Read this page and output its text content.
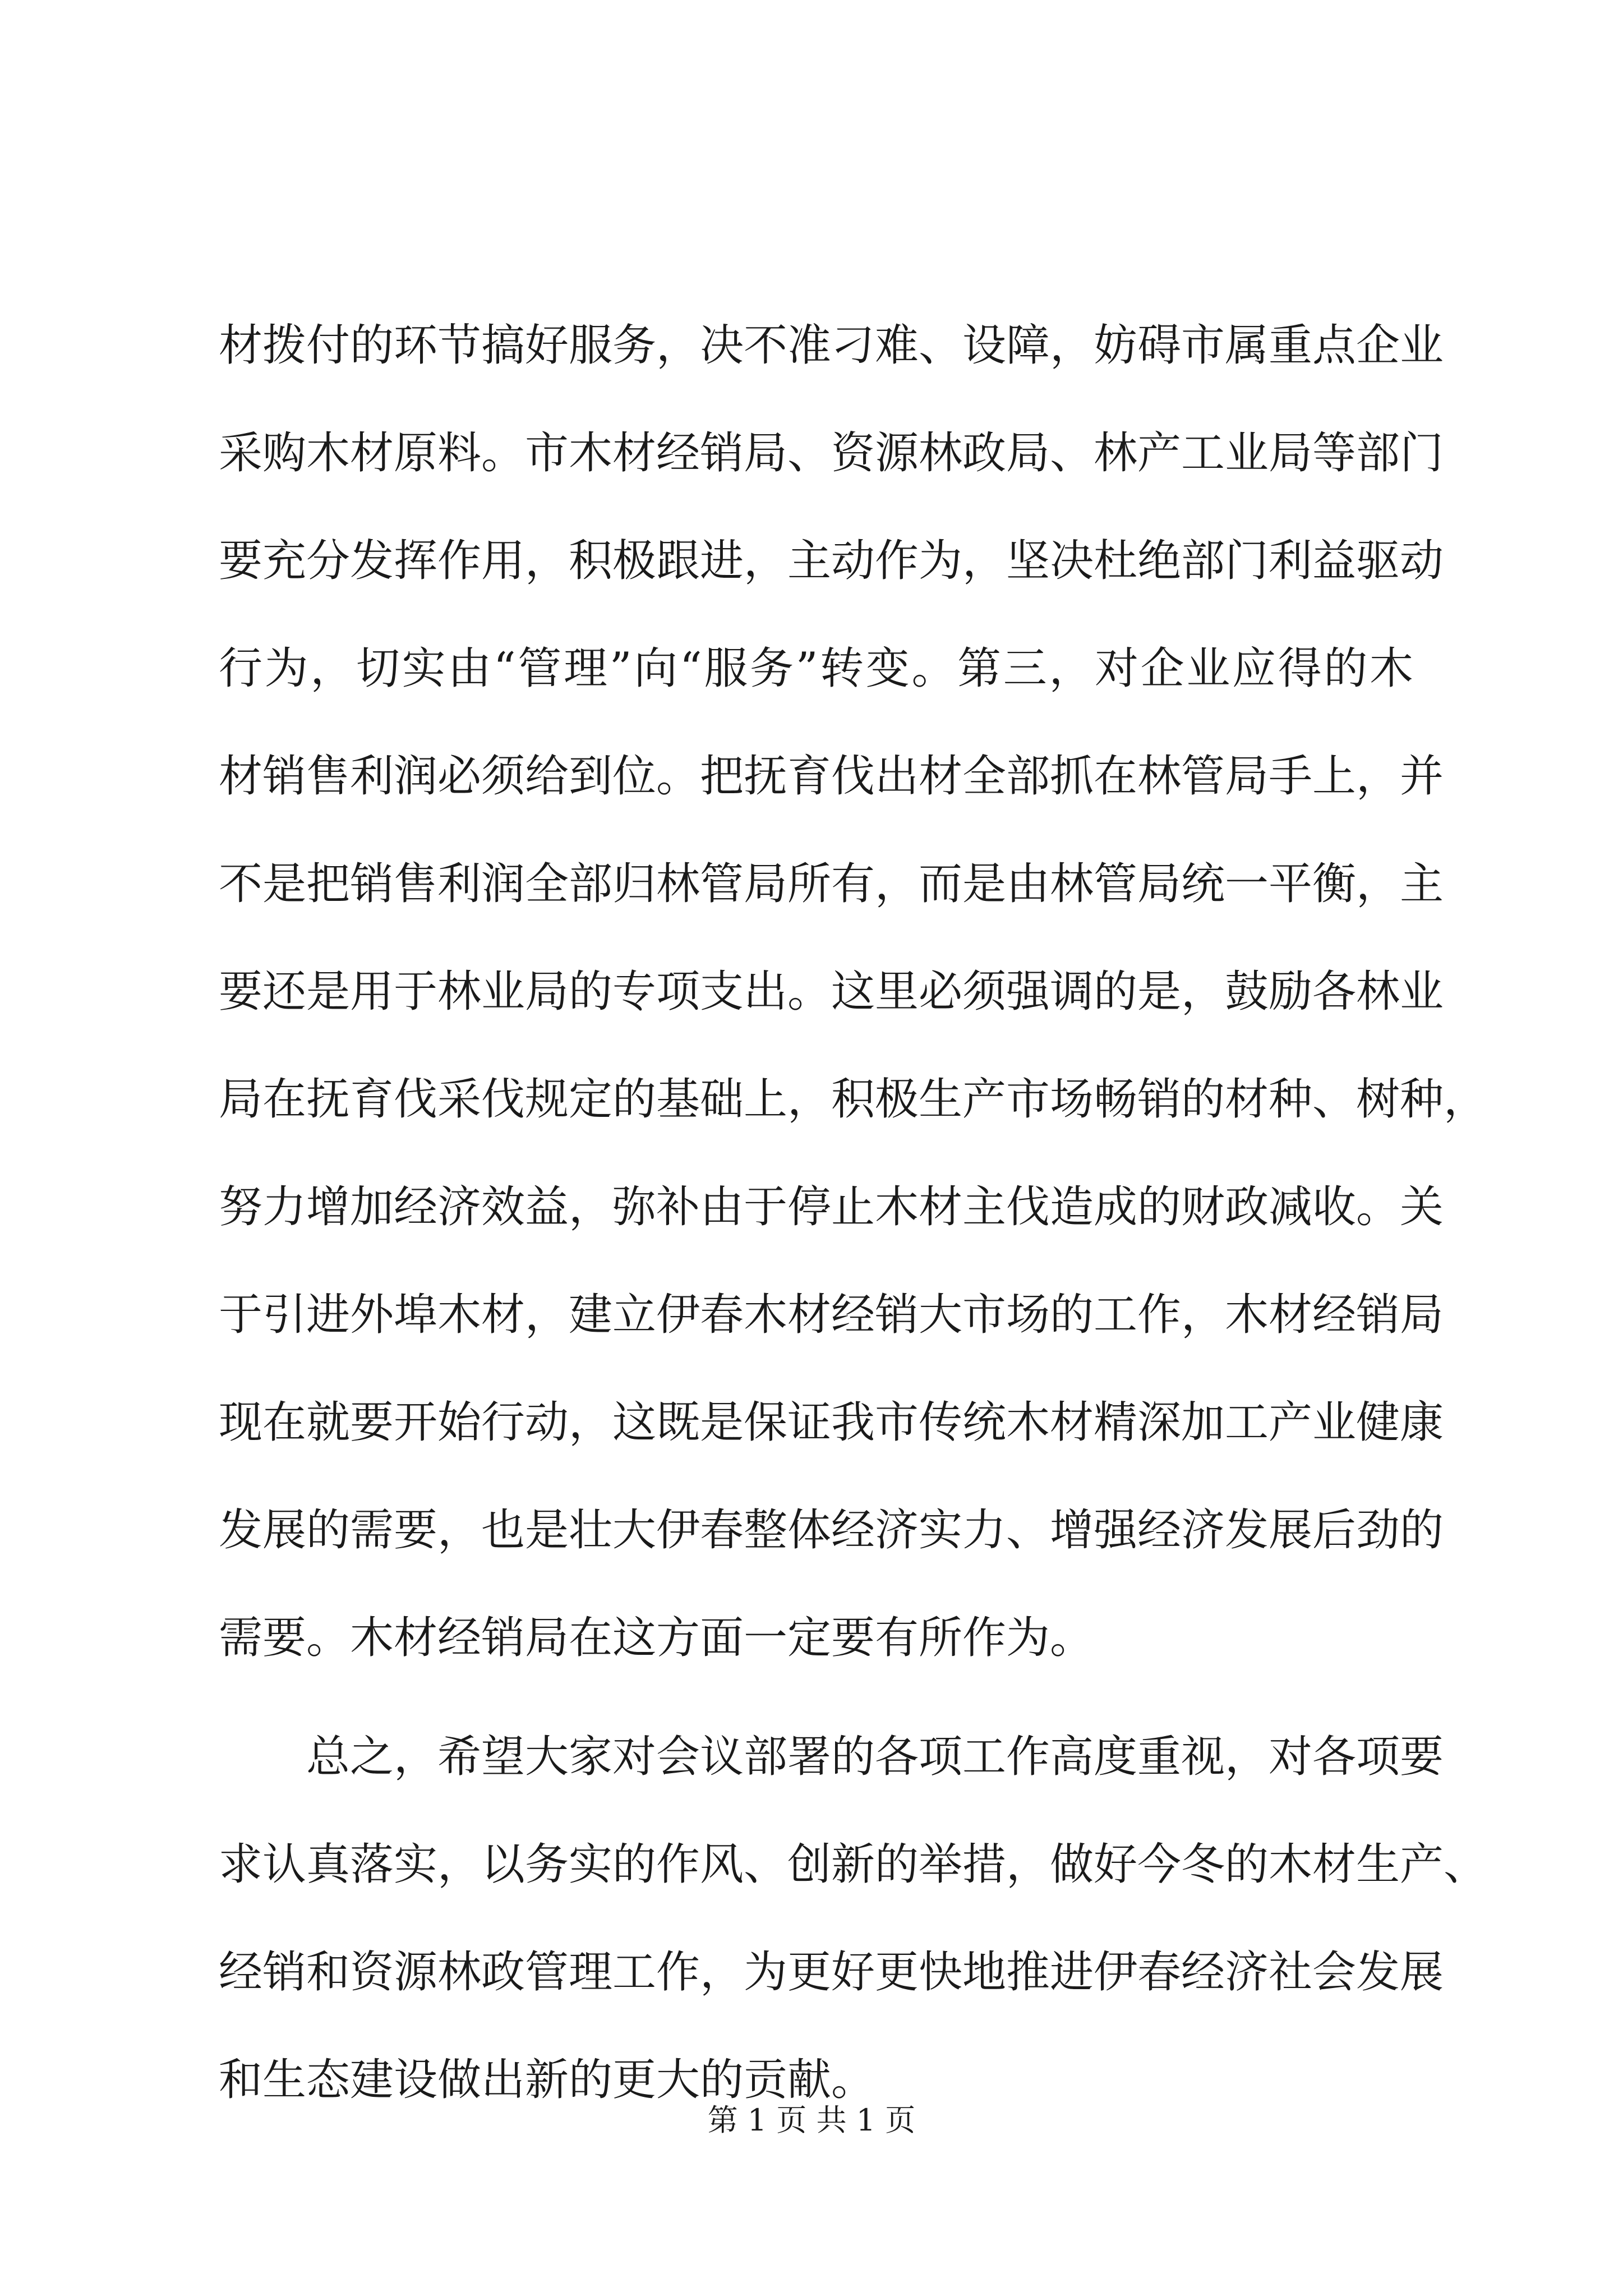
材拨付的环节搞好服务，决不准刁难、设障，妨碍市属重点企业
采购木材原料。市木材经销局、资源林政局、林产工业局等部门
要充分发挥作用，积极跟进，主动作为，坚决杜绝部门利益驱动
行为，切实由“管理”向“服务”转变。第三，对企业应得的木
材销售利润必须给到位。把抚育伐出材全部抓在林管局手上，并
不是把销售利润全部归林管局所有，而是由林管局统一平衡，主
要还是用于林业局的专项支出。这里必须强调的是，鼓励各林业
局在抚育伐采伐规定的基础上，积极生产市场畅销的材种、树种，
努力增加经济效益，弥补由于停止木材主伐造成的财政减收。关
于引进外埠木材，建立伊春木材经销大市场的工作，木材经销局
现在就要开始行动，这既是保证我市传统木材精深加工产业健康
发展的需要，也是壮大伊春整体经济实力、增强经济发展后劲的
需要。木材经销局在这方面一定要有所作为。
总之，希望大家对会议部署的各项工作高度重视，对各项要
求认真落实，以务实的作风、创新的举措，做好今冬的木材生产、
经销和资源林政管理工作，为更好更快地推进伊春经济社会发展
和生态建设做出新的更大的贡献。
第 1 页 共 1 页
